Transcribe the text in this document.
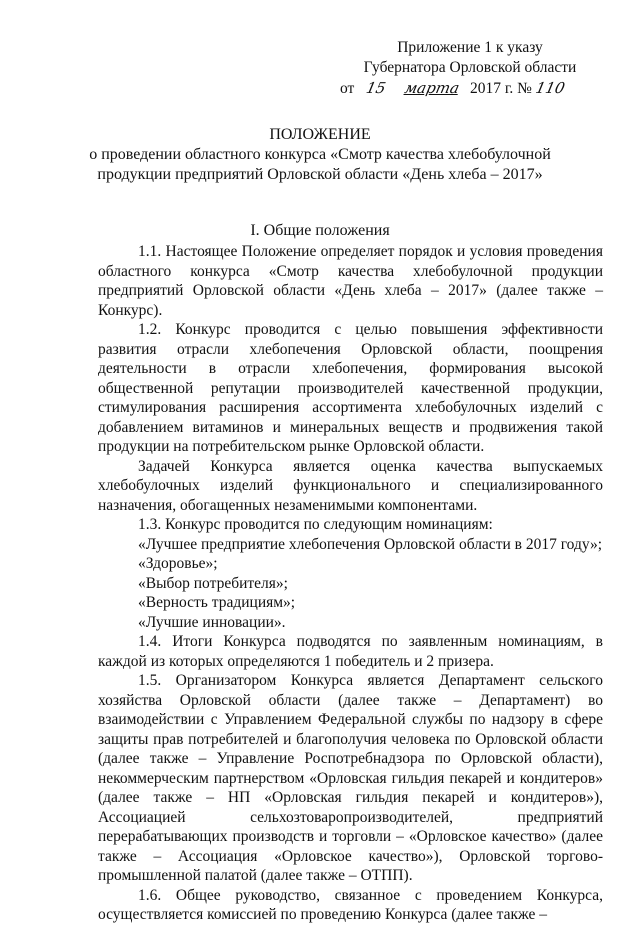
Приложение 1 к указу
Губернатора Орловской области
от 15 марта 2017 г. № 110
ПОЛОЖЕНИЕ
о проведении областного конкурса «Смотр качества хлебобулочной
продукции предприятий Орловской области «День хлеба – 2017»
I. Общие положения

1.1. Настоящее Положение определяет порядок и условия проведения областного конкурса «Смотр качества хлебобулочной продукции предприятий Орловской области «День хлеба – 2017» (далее также – Конкурс).

1.2. Конкурс проводится с целью повышения эффективности развития отрасли хлебопечения Орловской области, поощрения деятельности в отрасли хлебопечения, формирования высокой общественной репутации производителей качественной продукции, стимулирования расширения ассортимента хлебобулочных изделий с добавлением витаминов и минеральных веществ и продвижения такой продукции на потребительском рынке Орловской области.

Задачей Конкурса является оценка качества выпускаемых хлебобулочных изделий функционального и специализированного назначения, обогащенных незаменимыми компонентами.

1.3. Конкурс проводится по следующим номинациям:

«Лучшее предприятие хлебопечения Орловской области в 2017 году»;

«Здоровье»;

«Выбор потребителя»;

«Верность традициям»;

«Лучшие инновации».

1.4. Итоги Конкурса подводятся по заявленным номинациям, в каждой из которых определяются 1 победитель и 2 призера.

1.5. Организатором Конкурса является Департамент сельского хозяйства Орловской области (далее также – Департамент) во взаимодействии с Управлением Федеральной службы по надзору в сфере защиты прав потребителей и благополучия человека по Орловской области (далее также – Управление Роспотребнадзора по Орловской области), некоммерческим партнерством «Орловская гильдия пекарей и кондитеров» (далее также – НП «Орловская гильдия пекарей и кондитеров»), Ассоциацией сельхозтоваропроизводителей, предприятий перерабатывающих производств и торговли – «Орловское качество» (далее также – Ассоциация «Орловское качество»), Орловской торгово-промышленной палатой (далее также – ОТПП).

1.6. Общее руководство, связанное с проведением Конкурса, осуществляется комиссией по проведению Конкурса (далее также –
